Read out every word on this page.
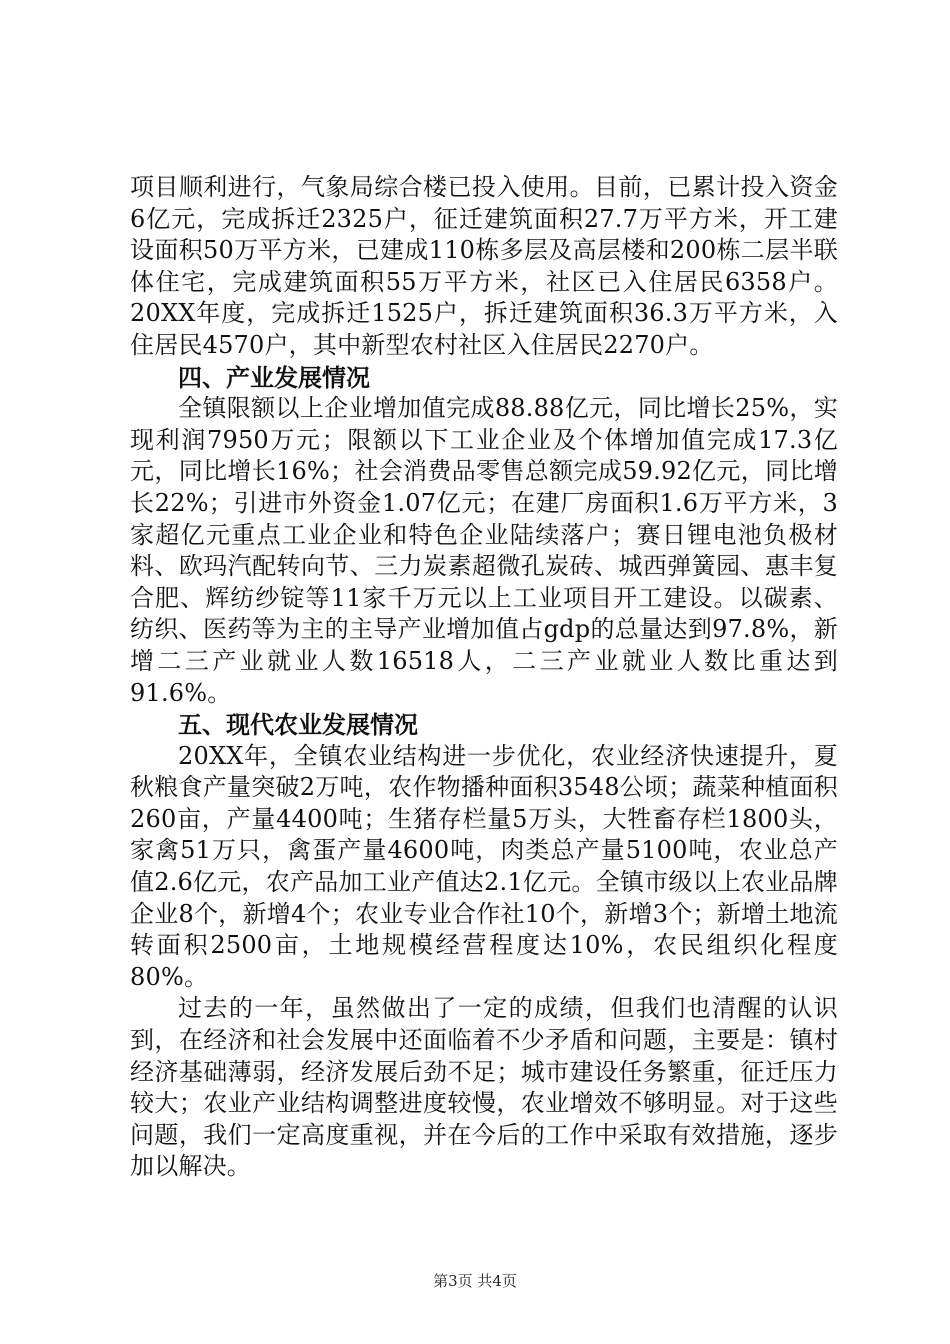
项目顺利进行，气象局综合楼已投入使用。目前，已累计投入资金6亿元，完成拆迁2325户，征迁建筑面积27.7万平方米，开工建设面积50万平方米，已建成110栋多层及高层楼和200栋二层半联体住宅，完成建筑面积55万平方米，社区已入住居民6358户。20XX年度，完成拆迁1525户，拆迁建筑面积36.3万平方米，入住居民4570户，其中新型农村社区入住居民2270户。

四、产业发展情况

全镇限额以上企业增加值完成88.88亿元，同比增长25%，实现利润7950万元；限额以下工业企业及个体增加值完成17.3亿元，同比增长16%；社会消费品零售总额完成59.92亿元，同比增长22%；引进市外资金1.07亿元；在建厂房面积1.6万平方米，3家超亿元重点工业企业和特色企业陆续落户；赛日锂电池负极材料、欧玛汽配转向节、三力炭素超微孔炭砖、城西弹簧园、惠丰复合肥、辉纺纱锭等11家千万元以上工业项目开工建设。以碳素、纺织、医药等为主的主导产业增加值占gdp的总量达到97.8%，新增二三产业就业人数16518人，二三产业就业人数比重达到91.6%。

五、现代农业发展情况

20XX年，全镇农业结构进一步优化，农业经济快速提升，夏秋粮食产量突破2万吨，农作物播种面积3548公顷；蔬菜种植面积260亩，产量4400吨；生猪存栏量5万头，大牲畜存栏1800头，家禽51万只，禽蛋产量4600吨，肉类总产量5100吨，农业总产值2.6亿元，农产品加工业产值达2.1亿元。全镇市级以上农业品牌企业8个，新增4个；农业专业合作社10个，新增3个；新增土地流转面积2500亩，土地规模经营程度达10%，农民组织化程度80%。

过去的一年，虽然做出了一定的成绩，但我们也清醒的认识到，在经济和社会发展中还面临着不少矛盾和问题，主要是：镇村经济基础薄弱，经济发展后劲不足；城市建设任务繁重，征迁压力较大；农业产业结构调整进度较慢，农业增效不够明显。对于这些问题，我们一定高度重视，并在今后的工作中采取有效措施，逐步加以解决。

第3页 共4页
